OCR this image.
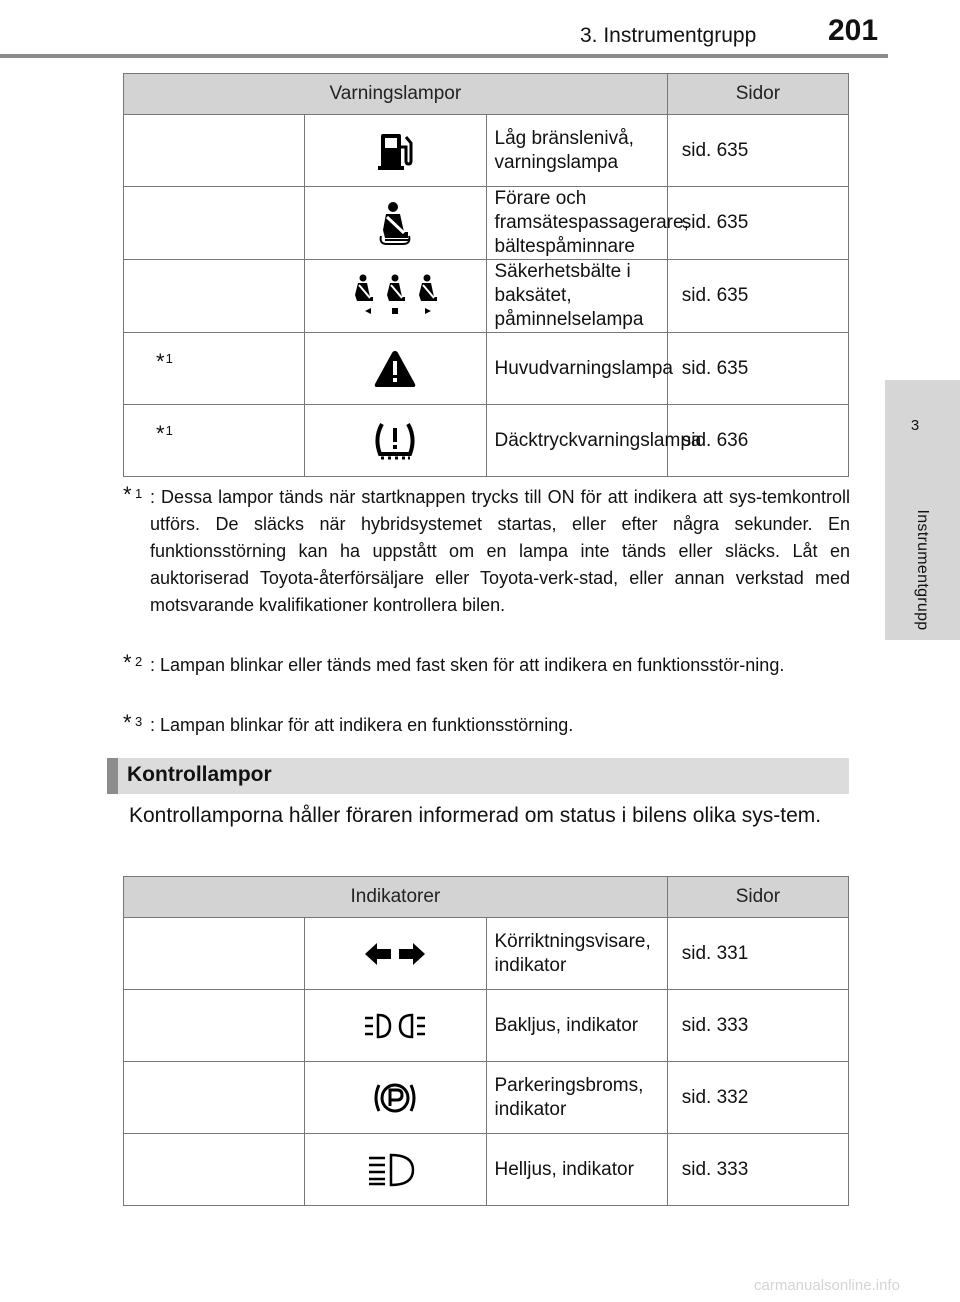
3. Instrumentgrupp 201
3
Instrumentgrupp
Varningslampor			Sidor
		Låg bränslenivå, varningslampa	sid. 635
		Förare och framsätespassagerare, bältespåminnare	sid. 635
		Säkerhetsbälte i baksätet, påminnelselampa	sid. 635

*$^1$		Huvudvarningslampa	sid. 635

*$^1$		Däcktryckvarningslampa	sid. 636
* 1 : Dessa lampor tänds när startknappen trycks till ON för att indikera att sys-temkontroll utförs. De släcks när hybridsystemet startas, eller efter några sekunder. En funktionsstörning kan ha uppstått om en lampa inte tänds eller släcks. Låt en auktoriserad Toyota-återförsäljare eller Toyota-verk-stad, eller annan verkstad med motsvarande kvalifikationer kontrollera bilen.
* 2 : Lampan blinkar eller tänds med fast sken för att indikera en funktionsstör-ning.
* 3 : Lampan blinkar för att indikera en funktionsstörning.
Kontrollampor
Kontrollamporna håller föraren informerad om status i bilens olika sys-tem.
Indikatorer			Sidor
		Körriktningsvisare, indikator	sid. 331
		Bakljus, indikator	sid. 333
		Parkeringsbroms, indikator	sid. 332
		Helljus, indikator	sid. 333
carmanualsonline.info
